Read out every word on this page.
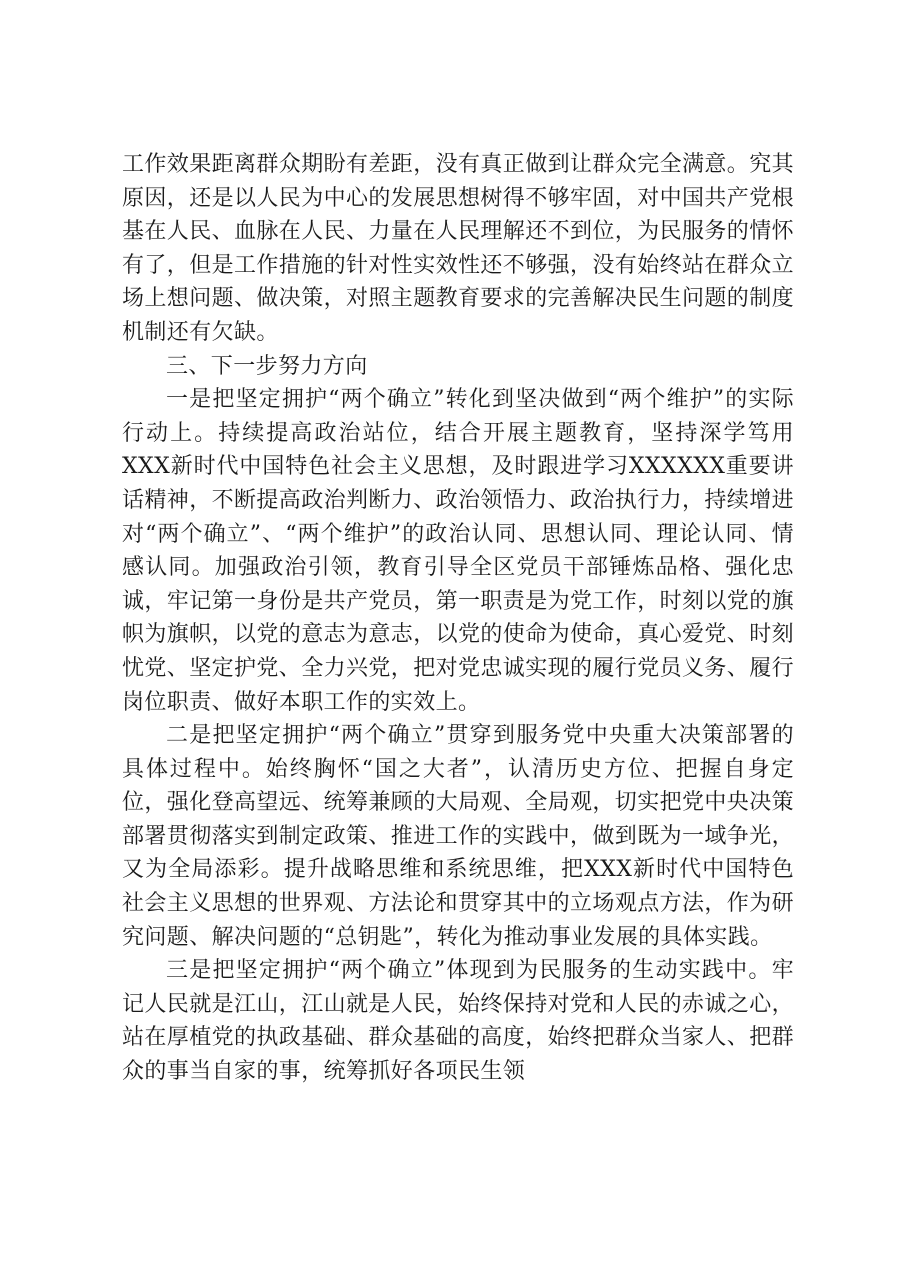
工作效果距离群众期盼有差距，没有真正做到让群众完全满意。究其原因，还是以人民为中心的发展思想树得不够牢固，对中国共产党根基在人民、血脉在人民、力量在人民理解还不到位，为民服务的情怀有了，但是工作措施的针对性实效性还不够强，没有始终站在群众立场上想问题、做决策，对照主题教育要求的完善解决民生问题的制度机制还有欠缺。

三、下一步努力方向

一是把坚定拥护“两个确立”转化到坚决做到“两个维护”的实际行动上。持续提高政治站位，结合开展主题教育，坚持深学笃用XXX新时代中国特色社会主义思想，及时跟进学习XXXXXX重要讲话精神，不断提高政治判断力、政治领悟力、政治执行力，持续增进对“两个确立”、“两个维护”的政治认同、思想认同、理论认同、情感认同。加强政治引领，教育引导全区党员干部锤炼品格、强化忠诚，牢记第一身份是共产党员，第一职责是为党工作，时刻以党的旗帜为旗帜，以党的意志为意志，以党的使命为使命，真心爱党、时刻忧党、坚定护党、全力兴党，把对党忠诚实现的履行党员义务、履行岗位职责、做好本职工作的实效上。

二是把坚定拥护“两个确立”贯穿到服务党中央重大决策部署的具体过程中。始终胸怀“国之大者”，认清历史方位、把握自身定位，强化登高望远、统筹兼顾的大局观、全局观，切实把党中央决策部署贯彻落实到制定政策、推进工作的实践中，做到既为一域争光，又为全局添彩。提升战略思维和系统思维，把XXX新时代中国特色社会主义思想的世界观、方法论和贯穿其中的立场观点方法，作为研究问题、解决问题的“总钥匙”，转化为推动事业发展的具体实践。

三是把坚定拥护“两个确立”体现到为民服务的生动实践中。牢记人民就是江山，江山就是人民，始终保持对党和人民的赤诚之心，站在厚植党的执政基础、群众基础的高度，始终把群众当家人、把群众的事当自家的事，统筹抓好各项民生领
